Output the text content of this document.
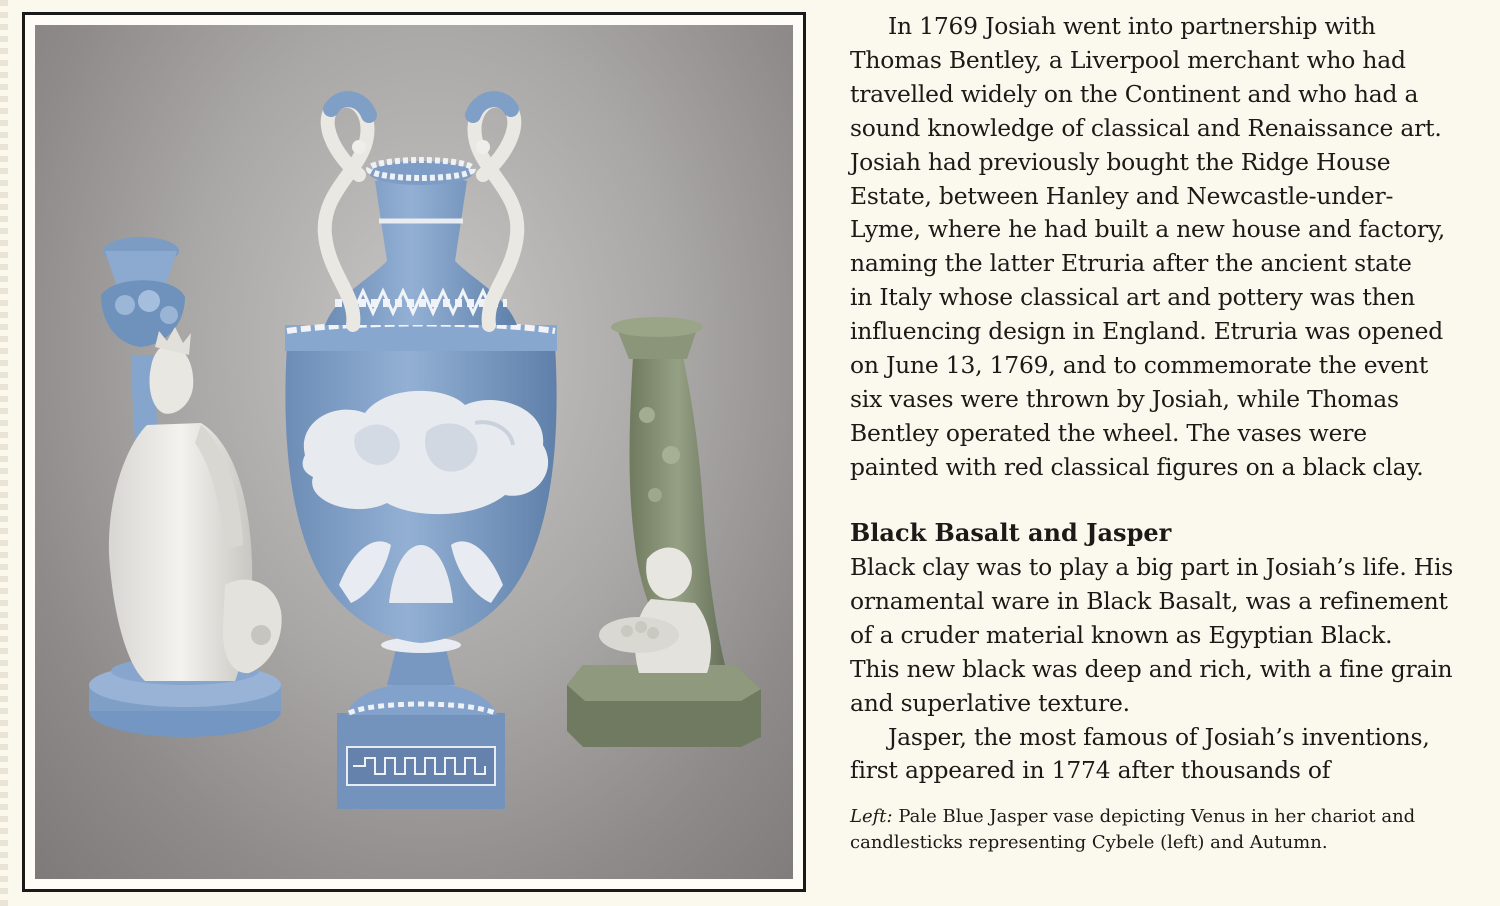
In 1769 Josiah went into partnership with
Thomas Bentley, a Liverpool merchant who had
travelled widely on the Continent and who had a
sound knowledge of classical and Renaissance art.
Josiah had previously bought the Ridge House
Estate, between Hanley and Newcastle-under-
Lyme, where he had built a new house and factory,
naming the latter Etruria after the ancient state
in Italy whose classical art and pottery was then
influencing design in England. Etruria was opened
on June 13, 1769, and to commemorate the event
six vases were thrown by Josiah, while Thomas
Bentley operated the wheel. The vases were
painted with red classical figures on a black clay.

Black Basalt and Jasper

Black clay was to play a big part in Josiah’s life. His
ornamental ware in Black Basalt, was a refinement
of a cruder material known as Egyptian Black.
This new black was deep and rich, with a fine grain
and superlative texture.
Jasper, the most famous of Josiah’s inventions,
first appeared in 1774 after thousands of

Left: Pale Blue Jasper vase depicting Venus in her chariot and
candlesticks representing Cybele (left) and Autumn.
